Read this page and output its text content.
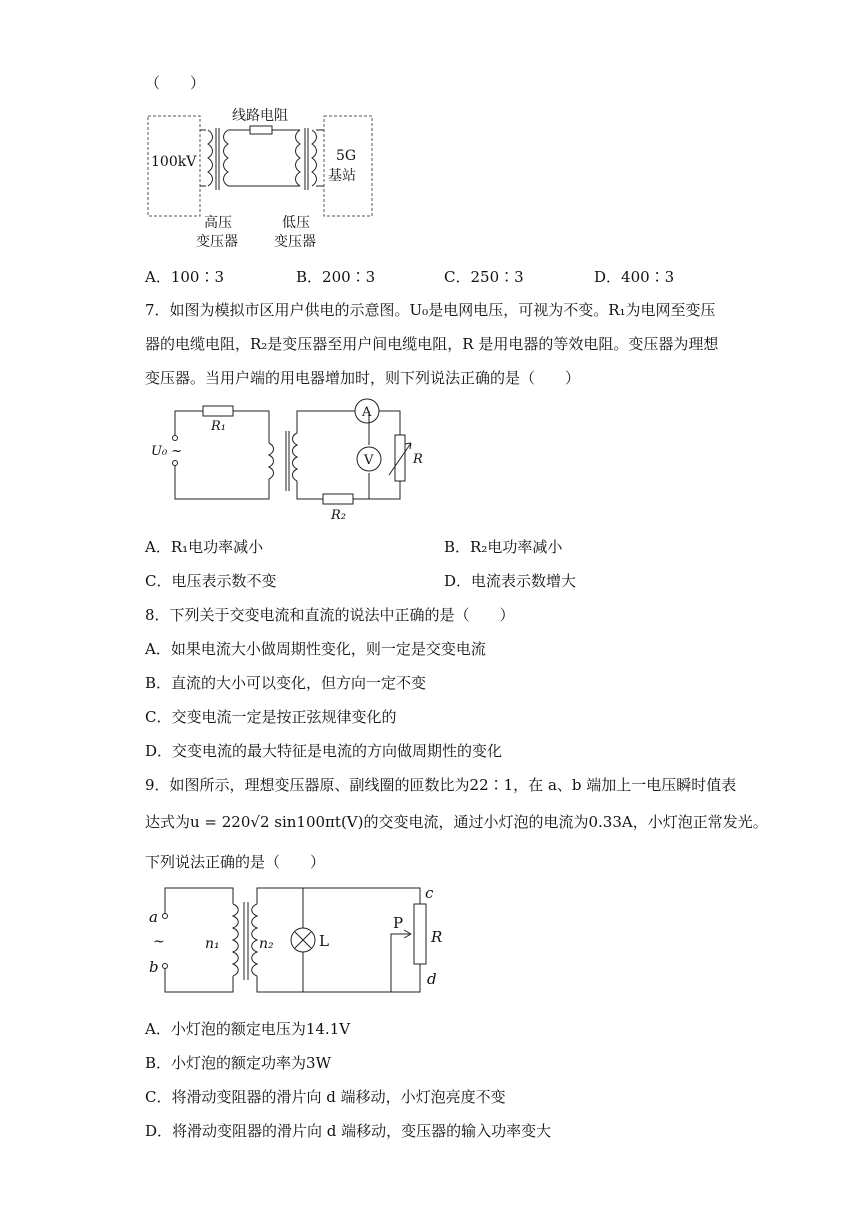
（　　）
100kV	5G
基站
线路电阻
高压
变压器
低压
变压器
A．100∶3	B．200∶3	C．250∶3	D．400∶3
7．如图为模拟市区用户供电的示意图。U₀是电网电压，可视为不变。R₁为电网至变压
器的电缆电阻，R₂是变压器至用户间电缆电阻，R 是用电器的等效电阻。变压器为理想
变压器。当用户端的用电器增加时，则下列说法正确的是（　　）
R₁
U₀ ~
A
R₂
V	R
A．R₁电功率减小	B．R₂电功率减小
C．电压表示数不变	D．电流表示数增大
8．下列关于交变电流和直流的说法中正确的是（　　）
A．如果电流大小做周期性变化，则一定是交变电流
B．直流的大小可以变化，但方向一定不变
C．交变电流一定是按正弦规律变化的
D．交变电流的最大特征是电流的方向做周期性的变化
9．如图所示，理想变压器原、副线圈的匝数比为22∶1，在 a、b 端加上一电压瞬时值表
达式为u = 220√2 sin100πt(V)的交变电流，通过小灯泡的电流为0.33A，小灯泡正常发光。
下列说法正确的是（　　）
a
b
~	n₁	n₂	L
P
c
R
d
A．小灯泡的额定电压为14.1V
B．小灯泡的额定功率为3W
C．将滑动变阻器的滑片向 d 端移动，小灯泡亮度不变
D．将滑动变阻器的滑片向 d 端移动，变压器的输入功率变大
